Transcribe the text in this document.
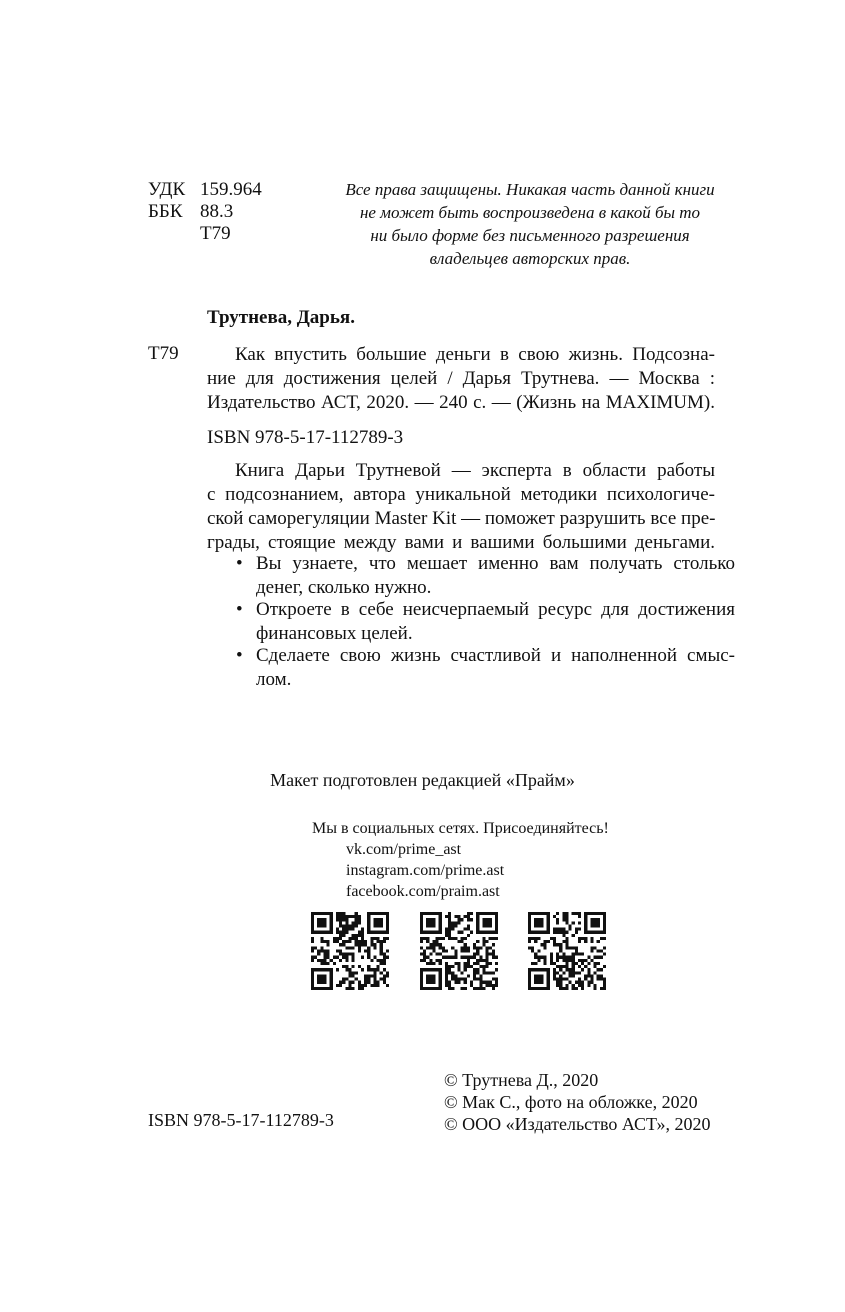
УДК 159.964
ББК 88.3
Т79
Все права защищены. Никакая часть данной книги
не может быть воспроизведена в какой бы то
ни было форме без письменного разрешения
владельцев авторских прав.
Трутнева, Дарья.
Т79	Как впустить большие деньги в свою жизнь. Подсозна-
ние для достижения целей / Дарья Трутнева. — Москва :
Издательство АСТ, 2020. — 240 с. — (Жизнь на MAXIMUM).
ISBN 978-5-17-112789-3
Книга Дарьи Трутневой — эксперта в области работы
с подсознанием, автора уникальной методики психологиче-
ской саморегуляции Master Kit — поможет разрушить все пре-
грады, стоящие между вами и вашими большими деньгами.
• Вы узнаете, что мешает именно вам получать столько
денег, сколько нужно.
• Откроете в себе неисчерпаемый ресурс для достижения
финансовых целей.
• Сделаете свою жизнь счастливой и наполненной смыс-
лом.
Макет подготовлен редакцией «Прайм»
Мы в социальных сетях. Присоединяйтесь!
vk.com/prime_ast
instagram.com/prime.ast
facebook.com/praim.ast
ISBN 978-5-17-112789-3
© Трутнева Д., 2020
© Мак С., фото на обложке, 2020
© ООО «Издательство АСТ», 2020
